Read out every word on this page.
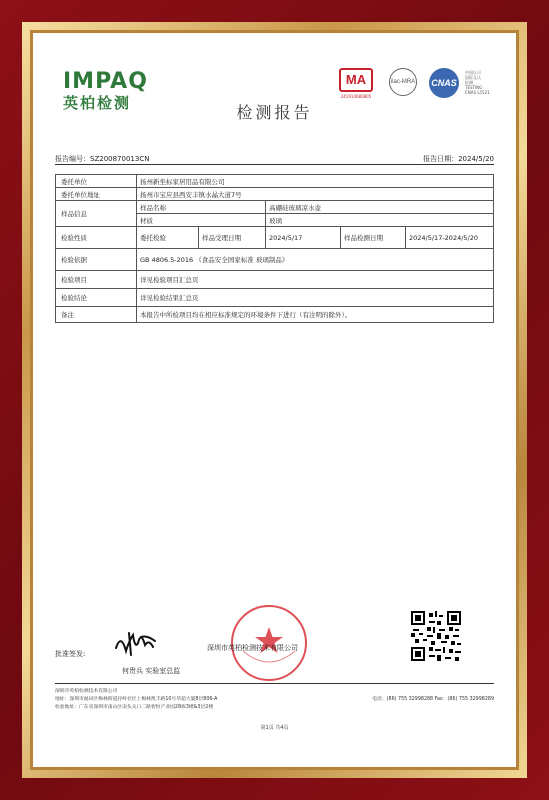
IMPAQ
英柏检测
MA
241914080805
ilac-MRA CNAS
中国认可
国际互认
检测
TESTING
CNAS L5521
检测报告
报告编号：SZ200870013CN	报告日期：2024/5/20
委托单位	扬州新坐标家居用品有限公司				
委托单位地址	扬州市宝应县西安丰镇水晶大道7号				
样品信息	样品名称		高硼硅玻璃凉水壶		
	材质		玻璃		
检验性质	委托检验	样品受理日期	2024/5/17	样品检测日期	2024/5/17-2024/5/20
检验依据	GB 4806.5-2016 《食品安全国家标准 玻璃制品》				
检验项目	详见检验项目汇总页				
检验结论	详见检验结果汇总页				
备注	本报告中所检项目均在相应标准规定的环境条件下进行（有注明的除外）。				
批准签发:
何贵兵 实验室总监
深圳市英柏检测技术有限公司
深圳市英柏检测技术有限公司
地址：深圳市福田区梅林街道孖岭社区上梅林凯丰路10号华超大厦8层806-A
检验地址：广东省深圳市南山区南头关口二路智恒产业园28栋3楼&3层2楼
电话：(86) 755 32998288 Fax：(86) 755 32998289
第1页 共4页
